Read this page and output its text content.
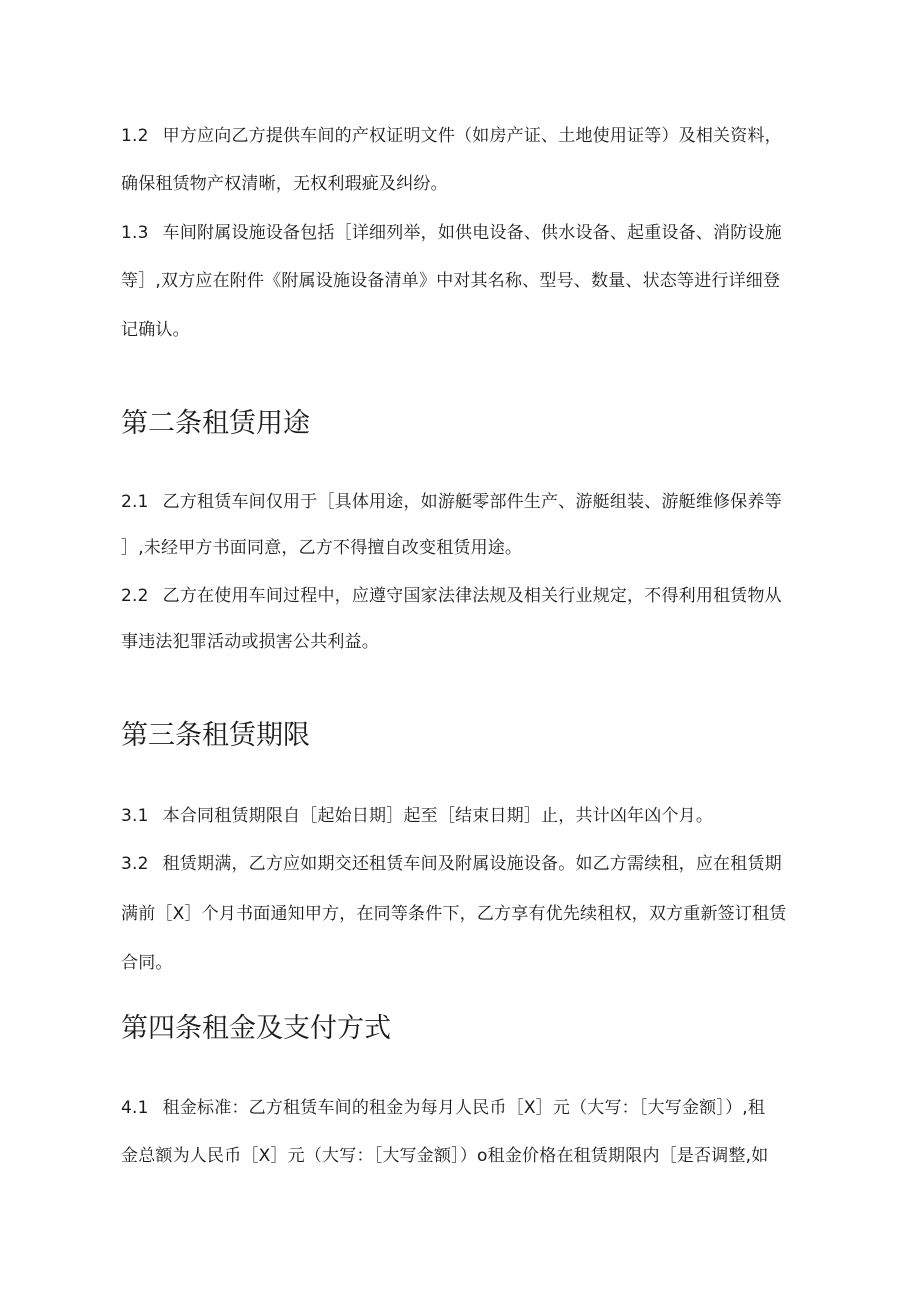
1.2 甲方应向乙方提供车间的产权证明文件（如房产证、土地使用证等）及相关资料，
确保租赁物产权清晰，无权利瑕疵及纠纷。
1.3 车间附属设施设备包括［详细列举，如供电设备、供水设备、起重设备、消防设施
等］,双方应在附件《附属设施设备清单》中对其名称、型号、数量、状态等进行详细登
记确认。
第二条租赁用途
2.1 乙方租赁车间仅用于［具体用途，如游艇零部件生产、游艇组装、游艇维修保养等
］,未经甲方书面同意，乙方不得擅自改变租赁用途。
2.2 乙方在使用车间过程中，应遵守国家法律法规及相关行业规定，不得利用租赁物从
事违法犯罪活动或损害公共利益。
第三条租赁期限
3.1 本合同租赁期限自［起始日期］起至［结束日期］止，共计凶年凶个月。
3.2 租赁期满，乙方应如期交还租赁车间及附属设施设备。如乙方需续租，应在租赁期
满前［X］个月书面通知甲方，在同等条件下，乙方享有优先续租权，双方重新签订租赁
合同。
第四条租金及支付方式
4.1 租金标准：乙方租赁车间的租金为每月人民币［X］元（大写：［大写金额］）,租
金总额为人民币［X］元（大写：［大写金额］）o租金价格在租赁期限内［是否调整,如
